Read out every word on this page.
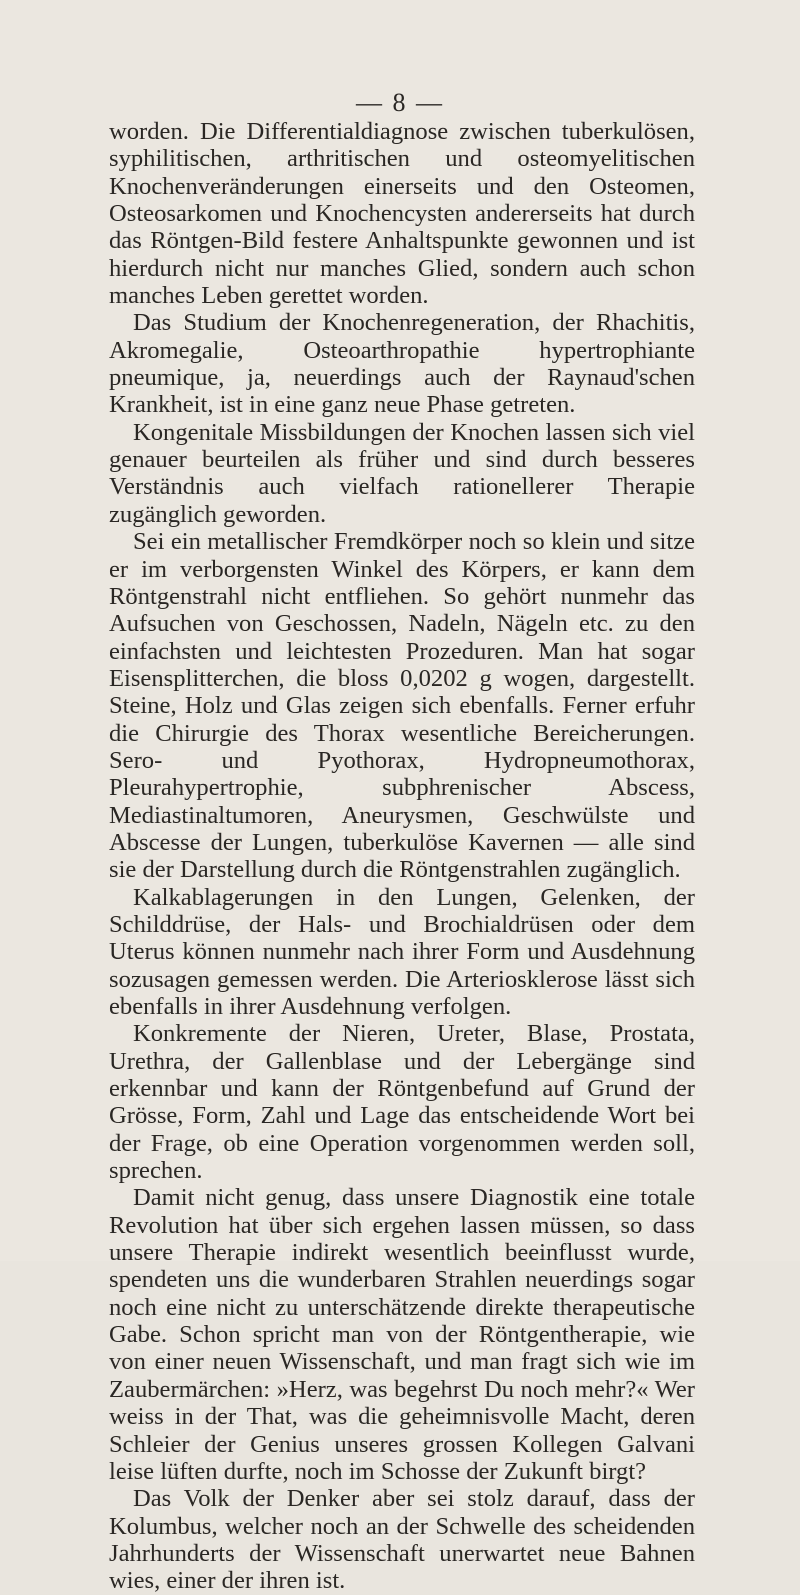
— 8 —

worden. Die Differentialdiagnose zwischen tuberkulösen, syphilitischen, arthritischen und osteomyelitischen Knochenveränderungen einerseits und den Osteomen, Osteosarkomen und Knochencysten andererseits hat durch das Röntgen-Bild festere Anhaltspunkte gewonnen und ist hierdurch nicht nur manches Glied, sondern auch schon manches Leben gerettet worden.

Das Studium der Knochenregeneration, der Rhachitis, Akromegalie, Osteoarthropathie hypertrophiante pneumique, ja, neuerdings auch der Raynaud'schen Krankheit, ist in eine ganz neue Phase getreten.

Kongenitale Missbildungen der Knochen lassen sich viel genauer beurteilen als früher und sind durch besseres Verständnis auch vielfach rationellerer Therapie zugänglich geworden.

Sei ein metallischer Fremdkörper noch so klein und sitze er im verborgensten Winkel des Körpers, er kann dem Röntgenstrahl nicht entfliehen. So gehört nunmehr das Aufsuchen von Geschossen, Nadeln, Nägeln etc. zu den einfachsten und leichtesten Prozeduren. Man hat sogar Eisensplitterchen, die bloss 0,0202 g wogen, dargestellt. Steine, Holz und Glas zeigen sich ebenfalls. Ferner erfuhr die Chirurgie des Thorax wesentliche Bereicherungen. Sero- und Pyothorax, Hydropneumothorax, Pleurahypertrophie, subphrenischer Abscess, Mediastinaltumoren, Aneurysmen, Geschwülste und Abscesse der Lungen, tuberkulöse Kavernen — alle sind sie der Darstellung durch die Röntgenstrahlen zugänglich.

Kalkablagerungen in den Lungen, Gelenken, der Schilddrüse, der Hals- und Brochialdrüsen oder dem Uterus können nunmehr nach ihrer Form und Ausdehnung sozusagen gemessen werden. Die Arteriosklerose lässt sich ebenfalls in ihrer Ausdehnung verfolgen.

Konkremente der Nieren, Ureter, Blase, Prostata, Urethra, der Gallenblase und der Lebergänge sind erkennbar und kann der Röntgenbefund auf Grund der Grösse, Form, Zahl und Lage das entscheidende Wort bei der Frage, ob eine Operation vorgenommen werden soll, sprechen.

Damit nicht genug, dass unsere Diagnostik eine totale Revolution hat über sich ergehen lassen müssen, so dass unsere Therapie indirekt wesentlich beeinflusst wurde, spendeten uns die wunderbaren Strahlen neuerdings sogar noch eine nicht zu unterschätzende direkte therapeutische Gabe. Schon spricht man von der Röntgentherapie, wie von einer neuen Wissenschaft, und man fragt sich wie im Zaubermärchen: »Herz, was begehrst Du noch mehr?« Wer weiss in der That, was die geheimnisvolle Macht, deren Schleier der Genius unseres grossen Kollegen Galvani leise lüften durfte, noch im Schosse der Zukunft birgt?

Das Volk der Denker aber sei stolz darauf, dass der Kolumbus, welcher noch an der Schwelle des scheidenden Jahrhunderts der Wissenschaft unerwartet neue Bahnen wies, einer der ihren ist.
